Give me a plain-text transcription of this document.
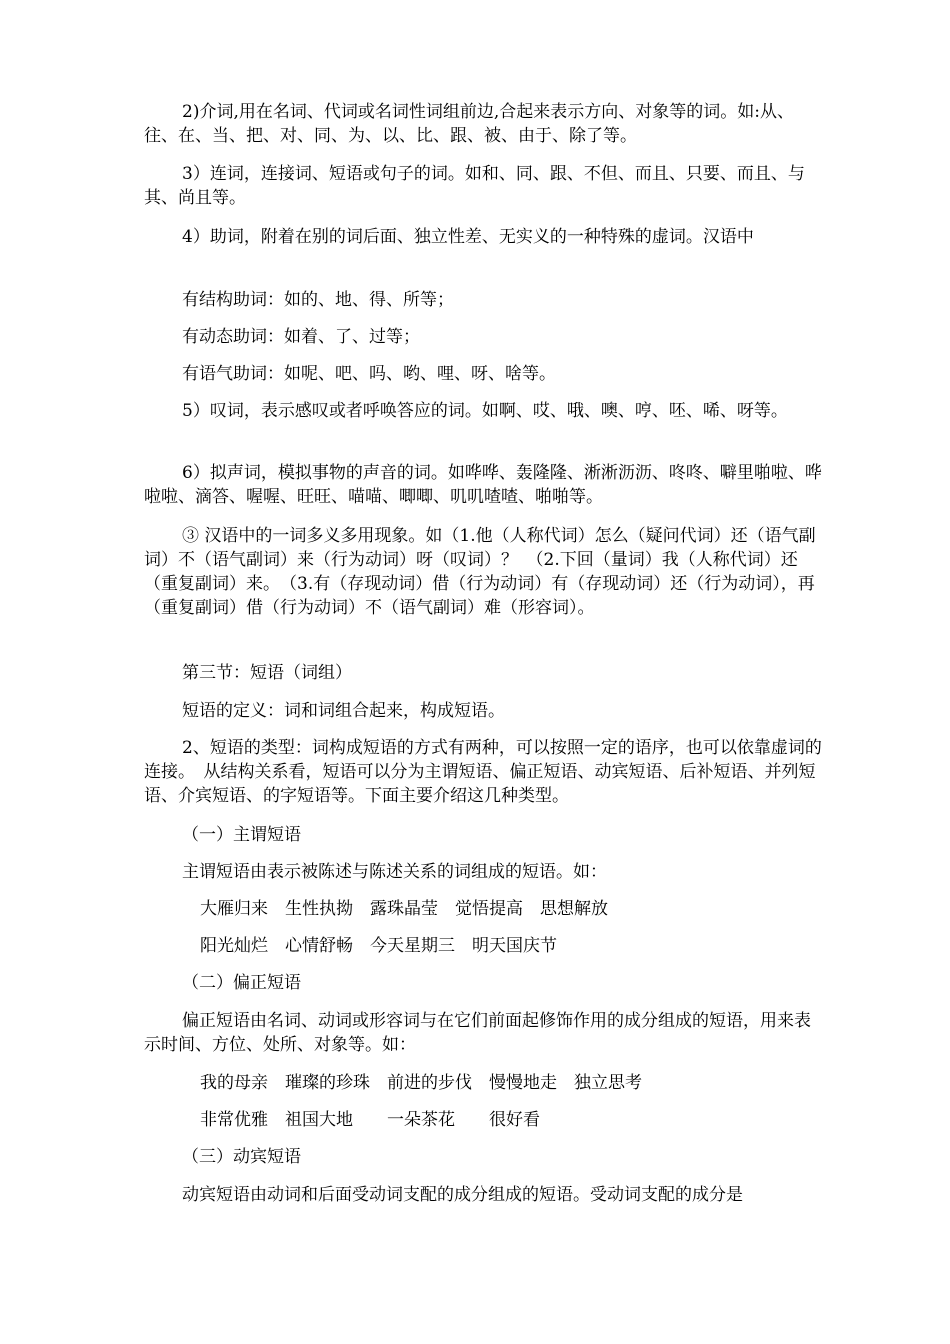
2)介词,用在名词、代词或名词性词组前边,合起来表示方向、对象等的词。如:从、往、在、当、把、对、同、为、以、比、跟、被、由于、除了等。

3）连词，连接词、短语或句子的词。如和、同、跟、不但、而且、只要、而且、与其、尚且等。

4）助词，附着在别的词后面、独立性差、无实义的一种特殊的虚词。汉语中

有结构助词：如的、地、得、所等；

有动态助词：如着、了、过等；

有语气助词：如呢、吧、吗、哟、哩、呀、啥等。

5）叹词，表示感叹或者呼唤答应的词。如啊、哎、哦、噢、哼、呸、唏、呀等。

6）拟声词，模拟事物的声音的词。如哗哗、轰隆隆、淅淅沥沥、咚咚、噼里啪啦、哗啦啦、滴答、喔喔、旺旺、喵喵、唧唧、叽叽喳喳、啪啪等。

③ 汉语中的一词多义多用现象。如（1.他（人称代词）怎么（疑问代词）还（语气副词）不（语气副词）来（行为动词）呀（叹词）？　（2.下回（量词）我（人称代词）还（重复副词）来。　（3.有（存现动词）借（行为动词）有（存现动词）还（行为动词），再（重复副词）借（行为动词）不（语气副词）难（形容词）。

第三节：短语（词组）

短语的定义：词和词组合起来，构成短语。

2、短语的类型：词构成短语的方式有两种，可以按照一定的语序，也可以依靠虚词的连接。　从结构关系看，短语可以分为主谓短语、偏正短语、动宾短语、后补短语、并列短语、介宾短语、的字短语等。下面主要介绍这几种类型。

（一）主谓短语

主谓短语由表示被陈述与陈述关系的词组成的短语。如：

大雁归来　生性执拗　露珠晶莹　觉悟提高　思想解放

阳光灿烂　心情舒畅　今天星期三　明天国庆节

（二）偏正短语

偏正短语由名词、动词或形容词与在它们前面起修饰作用的成分组成的短语，用来表示时间、方位、处所、对象等。如：

我的母亲　璀璨的珍珠　前进的步伐　慢慢地走　独立思考

非常优雅　祖国大地　　一朵茶花　　很好看

（三）动宾短语

动宾短语由动词和后面受动词支配的成分组成的短语。受动词支配的成分是
